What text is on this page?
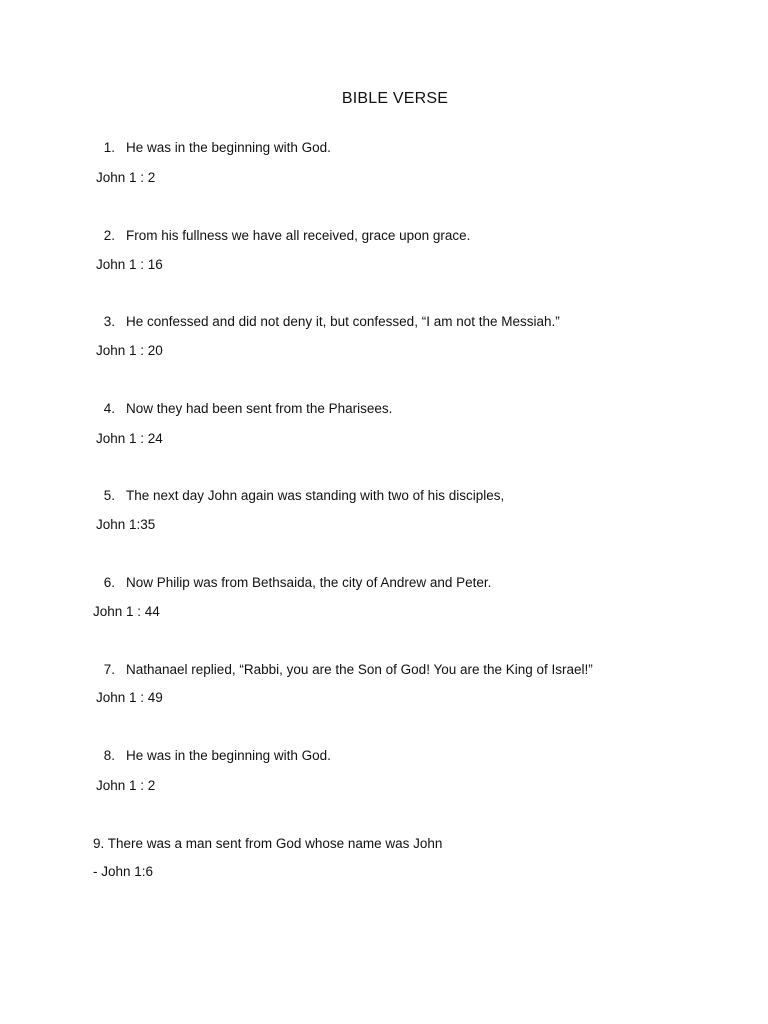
BIBLE VERSE
1. He was in the beginning with God.
John 1 : 2
2. From his fullness we have all received, grace upon grace.
John 1 : 16
3. He confessed and did not deny it, but confessed, “I am not the Messiah.”
John 1 : 20
4. Now they had been sent from the Pharisees.
John 1 : 24
5. The next day John again was standing with two of his disciples,
John 1:35
6. Now Philip was from Bethsaida, the city of Andrew and Peter.
John 1 : 44
7. Nathanael replied, “Rabbi, you are the Son of God! You are the King of Israel!”
John 1 : 49
8. He was in the beginning with God.
John 1 : 2
9. There was a man sent from God whose name was John
- John 1:6
